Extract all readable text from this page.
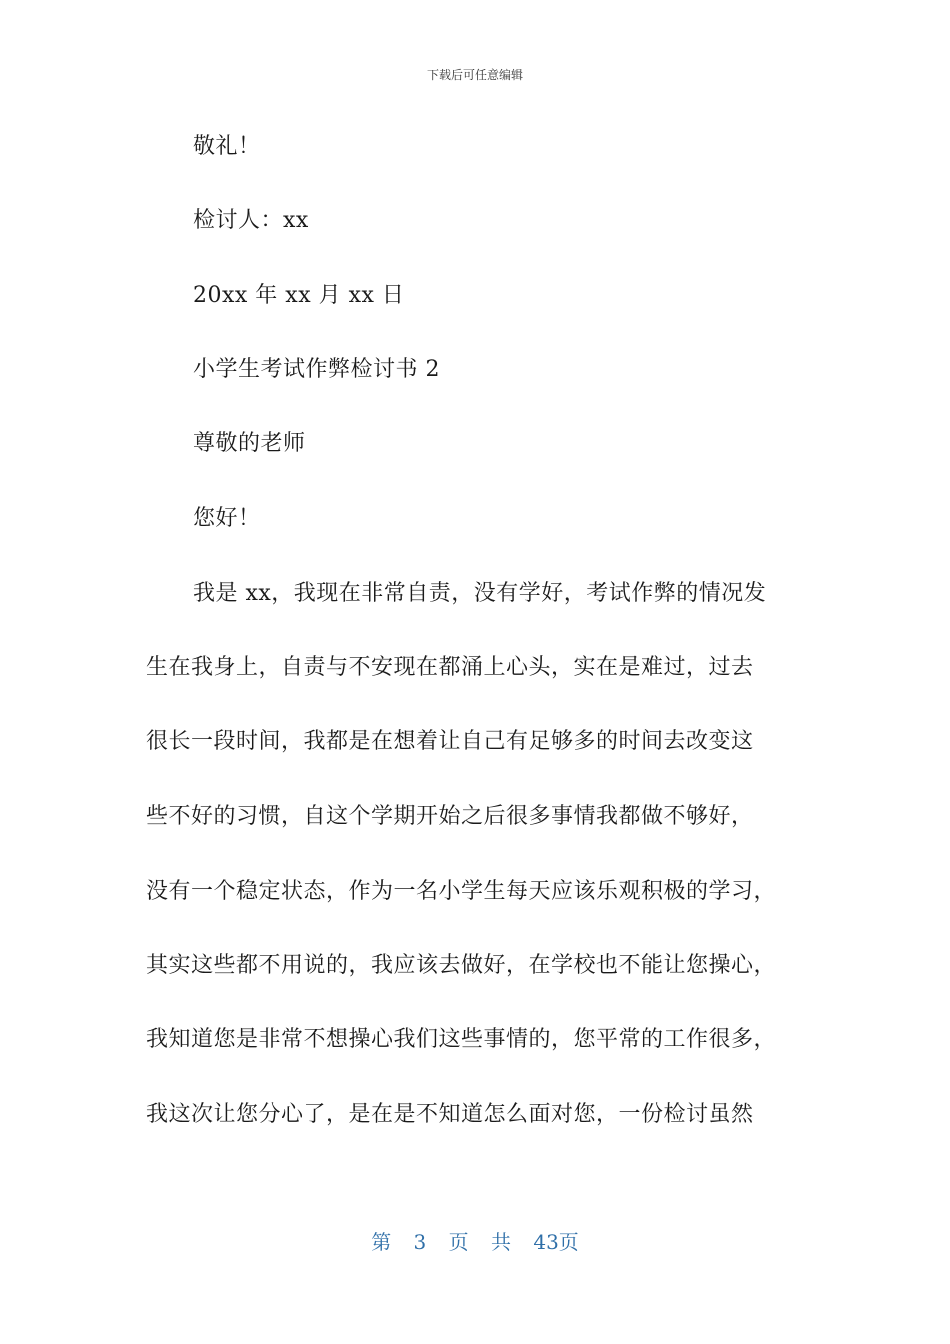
下载后可任意编辑
敬礼！
检讨人：xx
20xx 年 xx 月 xx 日
小学生考试作弊检讨书 2
尊敬的老师
您好！
我是 xx，我现在非常自责，没有学好，考试作弊的情况发
生在我身上，自责与不安现在都涌上心头，实在是难过，过去
很长一段时间，我都是在想着让自己有足够多的时间去改变这
些不好的习惯，自这个学期开始之后很多事情我都做不够好，
没有一个稳定状态，作为一名小学生每天应该乐观积极的学习，
其实这些都不用说的，我应该去做好，在学校也不能让您操心，
我知道您是非常不想操心我们这些事情的，您平常的工作很多，
我这次让您分心了，是在是不知道怎么面对您，一份检讨虽然
第 3 页 共 43页
